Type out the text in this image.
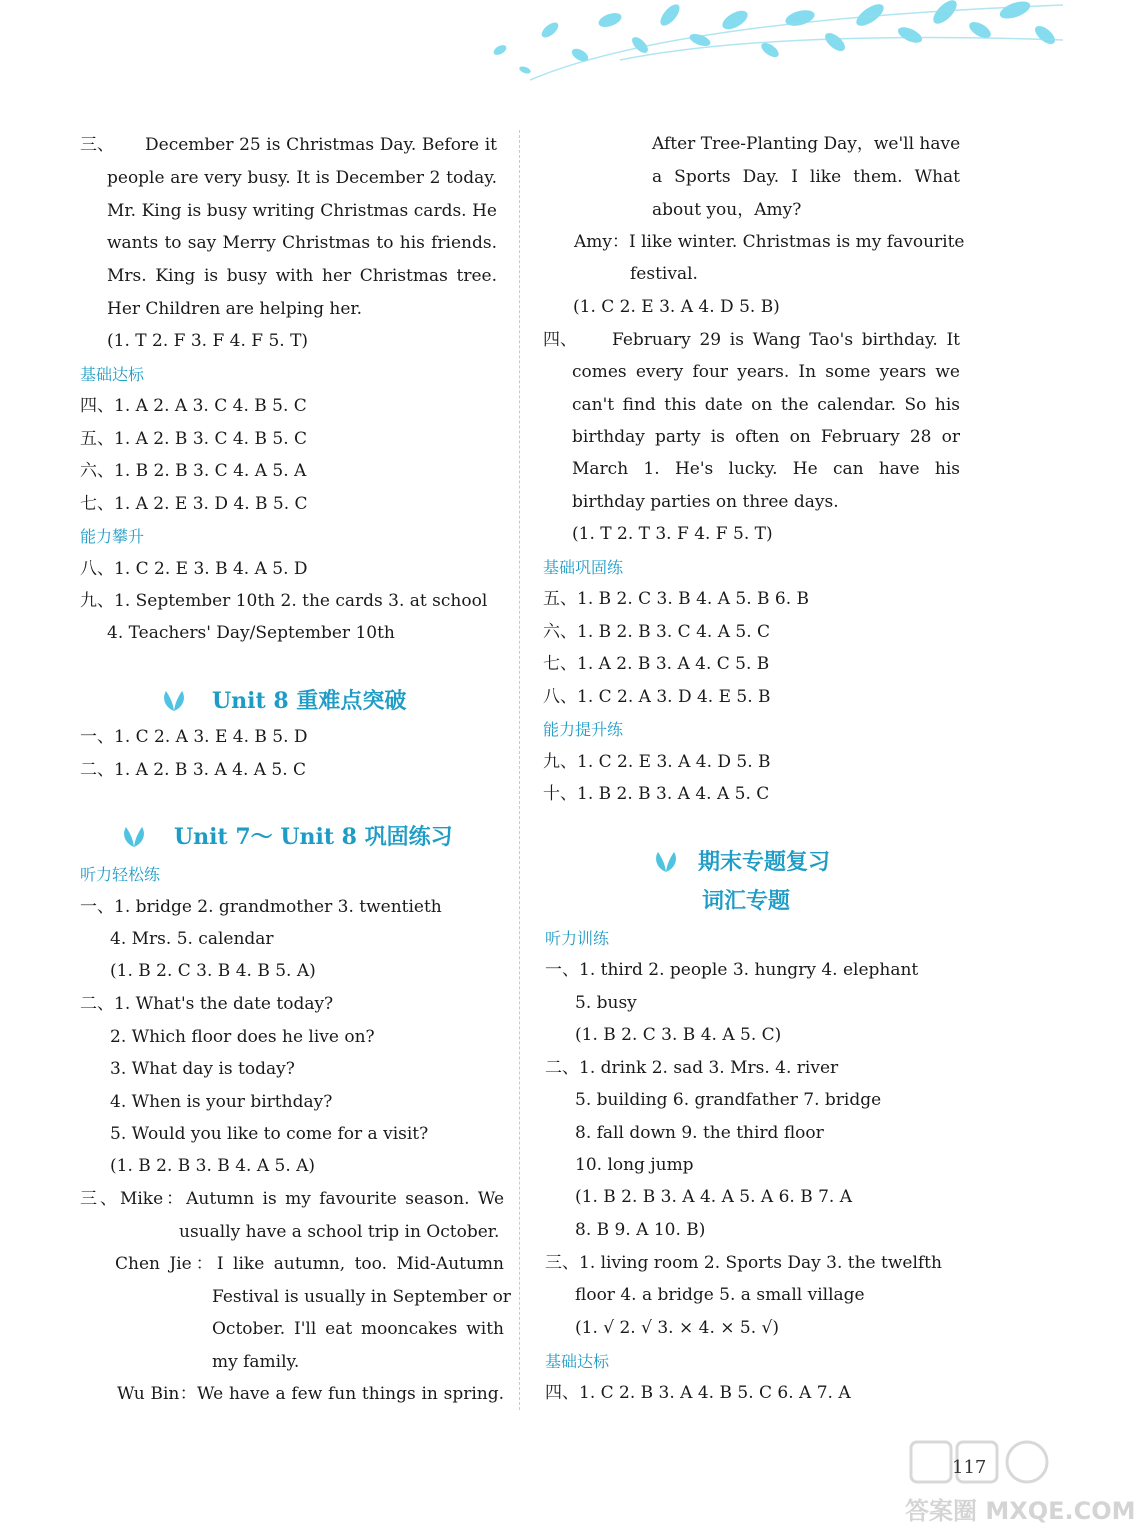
三、 December 25 is Christmas Day. Before it
people are very busy. It is December 2 today.
Mr. King is busy writing Christmas cards. He
wants to say Merry Christmas to his friends.
Mrs. King is busy with her Christmas tree.
Her Children are helping her.
(1. T 2. F 3. F 4. F 5. T)
基础达标
四、1. A 2. A 3. C 4. B 5. C
五、1. A 2. B 3. C 4. B 5. C
六、1. B 2. B 3. C 4. A 5. A
七、1. A 2. E 3. D 4. B 5. C
能力攀升
八、1. C 2. E 3. B 4. A 5. D
九、1. September 10th 2. the cards 3. at school
4. Teachers' Day/September 10th
Unit 8 重难点突破
一、1. C 2. A 3. E 4. B 5. D
二、1. A 2. B 3. A 4. A 5. C
Unit 7～ Unit 8 巩固练习
听力轻松练
一、1. bridge 2. grandmother 3. twentieth
4. Mrs. 5. calendar
(1. B 2. C 3. B 4. B 5. A)
二、1. What's the date today?
2. Which floor does he live on?
3. What day is today?
4. When is your birthday?
5. Would you like to come for a visit?
(1. B 2. B 3. B 4. A 5. A)
三、Mike：Autumn is my favourite season. We
usually have a school trip in October.
Chen Jie：I like autumn, too. Mid-Autumn
Festival is usually in September or
October. I'll eat mooncakes with
my family.
Wu Bin：We have a few fun things in spring.
After Tree-Planting Day，we'll have
a Sports Day. I like them. What
about you，Amy?
Amy：I like winter. Christmas is my favourite
festival.
(1. C 2. E 3. A 4. D 5. B)
四、 February 29 is Wang Tao's birthday. It
comes every four years. In some years we
can't find this date on the calendar. So his
birthday party is often on February 28 or
March 1. He's lucky. He can have his
birthday parties on three days.
(1. T 2. T 3. F 4. F 5. T)
基础巩固练
五、1. B 2. C 3. B 4. A 5. B 6. B
六、1. B 2. B 3. C 4. A 5. C
七、1. A 2. B 3. A 4. C 5. B
八、1. C 2. A 3. D 4. E 5. B
能力提升练
九、1. C 2. E 3. A 4. D 5. B
十、1. B 2. B 3. A 4. A 5. C
期末专题复习
词汇专题
听力训练
一、1. third 2. people 3. hungry 4. elephant
5. busy
(1. B 2. C 3. B 4. A 5. C)
二、1. drink 2. sad 3. Mrs. 4. river
5. building 6. grandfather 7. bridge
8. fall down 9. the third floor
10. long jump
(1. B 2. B 3. A 4. A 5. A 6. B 7. A
8. B 9. A 10. B)
三、1. living room 2. Sports Day 3. the twelfth
floor 4. a bridge 5. a small village
(1. √ 2. √ 3. × 4. × 5. √)
基础达标
四、1. C 2. B 3. A 4. B 5. C 6. A 7. A
答案圈 MXQE.COM
117
